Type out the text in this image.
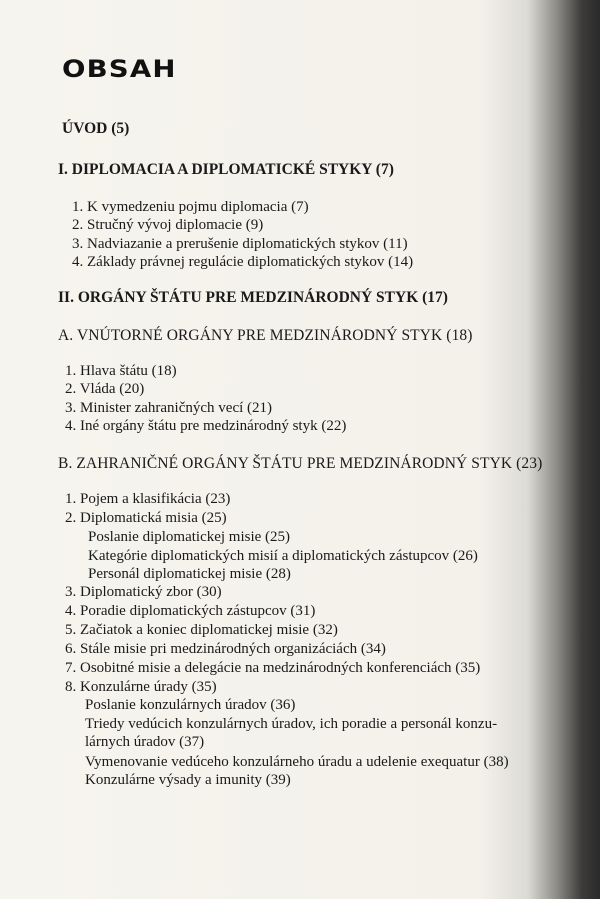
OBSAH
ÚVOD (5)
I. DIPLOMACIA A DIPLOMATICKÉ STYKY (7)
1. K vymedzeniu pojmu diplomacia (7)
2. Stručný vývoj diplomacie (9)
3. Nadviazanie a prerušenie diplomatických stykov (11)
4. Základy právnej regulácie diplomatických stykov (14)
II. ORGÁNY ŠTÁTU PRE MEDZINÁRODNÝ STYK (17)
A. VNÚTORNÉ ORGÁNY PRE MEDZINÁRODNÝ STYK (18)
1. Hlava štátu (18)
2. Vláda (20)
3. Minister zahraničných vecí (21)
4. Iné orgány štátu pre medzinárodný styk (22)
B. ZAHRANIČNÉ ORGÁNY ŠTÁTU PRE MEDZINÁRODNÝ STYK (23)
1. Pojem a klasifikácia (23)
2. Diplomatická misia (25)
Poslanie diplomatickej misie (25)
Kategórie diplomatických misií a diplomatických zástupcov (26)
Personál diplomatickej misie (28)
3. Diplomatický zbor (30)
4. Poradie diplomatických zástupcov (31)
5. Začiatok a koniec diplomatickej misie (32)
6. Stále misie pri medzinárodných organizáciách (34)
7. Osobitné misie a delegácie na medzinárodných konferenciách (35)
8. Konzulárne úrady (35)
Poslanie konzulárnych úradov (36)
Triedy vedúcich konzulárnych úradov, ich poradie a personál konzu-
lárnych úradov (37)
Vymenovanie vedúceho konzulárneho úradu a udelenie exequatur (38)
Konzulárne výsady a imunity (39)
